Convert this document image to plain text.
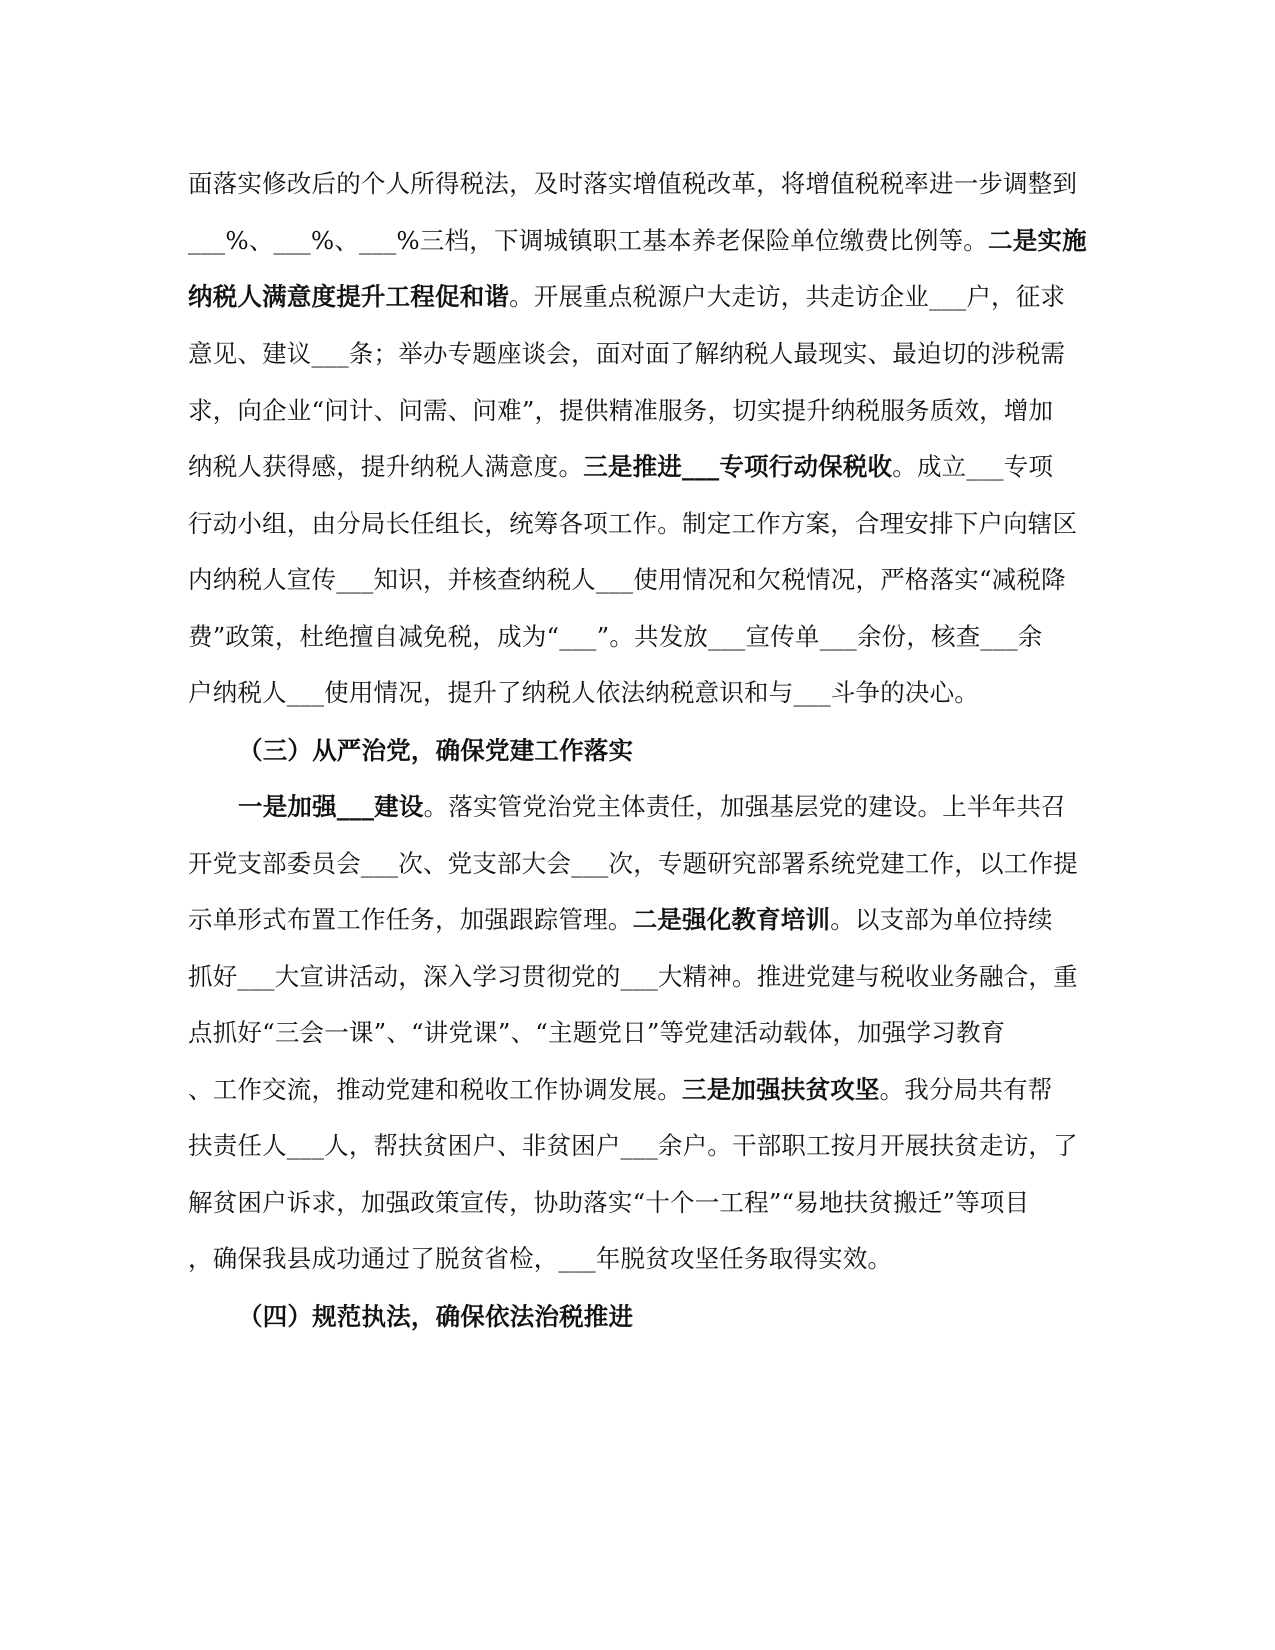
面落实修改后的个人所得税法，及时落实增值税改革，将增值税税率进一步调整到
___%、___%、___%三档，下调城镇职工基本养老保险单位缴费比例等。二是实施
纳税人满意度提升工程促和谐。开展重点税源户大走访，共走访企业___户，征求
意见、建议___条；举办专题座谈会，面对面了解纳税人最现实、最迫切的涉税需
求，向企业“问计、问需、问难”，提供精准服务，切实提升纳税服务质效，增加
纳税人获得感，提升纳税人满意度。三是推进___专项行动保税收。成立___专项
行动小组，由分局长任组长，统筹各项工作。制定工作方案，合理安排下户向辖区
内纳税人宣传___知识，并核查纳税人___使用情况和欠税情况，严格落实“减税降
费”政策，杜绝擅自减免税，成为“___”。共发放___宣传单___余份，核查___余
户纳税人___使用情况，提升了纳税人依法纳税意识和与___斗争的决心。
（三）从严治党，确保党建工作落实
一是加强___建设。落实管党治党主体责任，加强基层党的建设。上半年共召
开党支部委员会___次、党支部大会___次，专题研究部署系统党建工作，以工作提
示单形式布置工作任务，加强跟踪管理。二是强化教育培训。以支部为单位持续
抓好___大宣讲活动，深入学习贯彻党的___大精神。推进党建与税收业务融合，重
点抓好“三会一课”、“讲党课”、“主题党日”等党建活动载体，加强学习教育
、工作交流，推动党建和税收工作协调发展。三是加强扶贫攻坚。我分局共有帮
扶责任人___人，帮扶贫困户、非贫困户___余户。干部职工按月开展扶贫走访，了
解贫困户诉求，加强政策宣传，协助落实“十个一工程”“易地扶贫搬迁”等项目
，确保我县成功通过了脱贫省检，___年脱贫攻坚任务取得实效。
（四）规范执法，确保依法治税推进
